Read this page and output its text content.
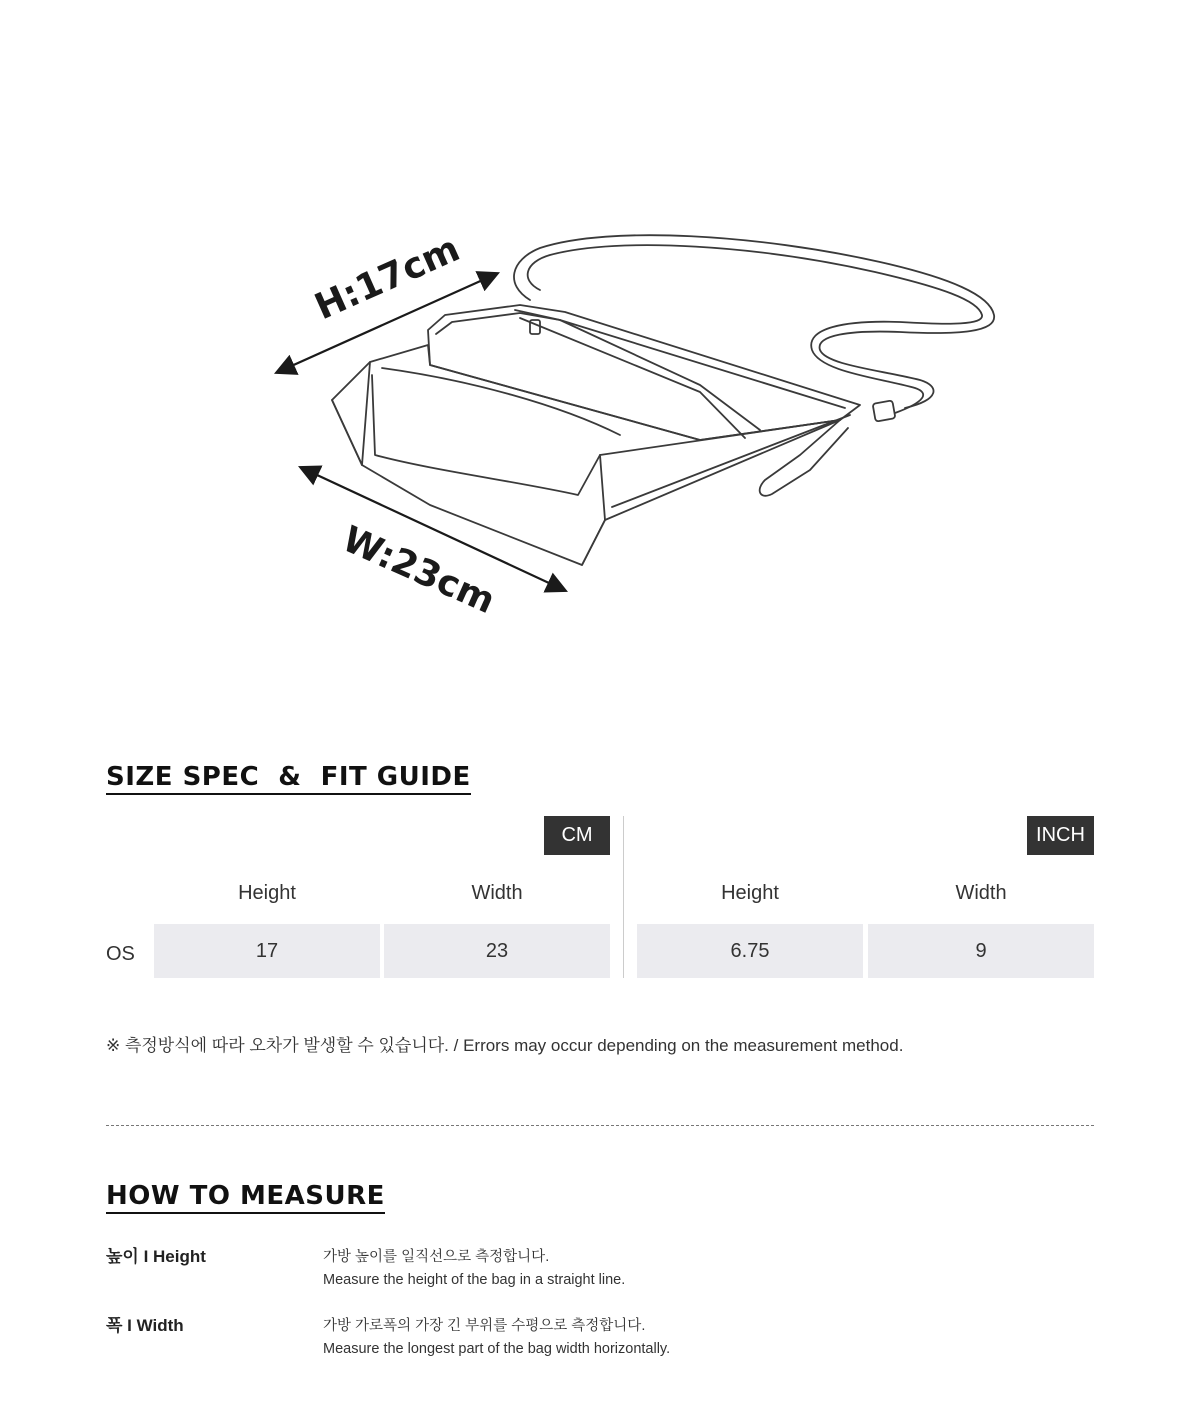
H:17cm
W:23cm
SIZE SPEC  &  FIT GUIDE
CM	INCH
Height	Width	Height	Width
OS	17	23	6.75	9
※ 측정방식에 따라 오차가 발생할 수 있습니다. / Errors may occur depending on the measurement method.
HOW TO MEASURE
높이 I Height	가방 높이를 일직선으로 측정합니다.
Measure the height of the bag in a straight line.
폭 I Width	가방 가로폭의 가장 긴 부위를 수평으로 측정합니다.
Measure the longest part of the bag width horizontally.
